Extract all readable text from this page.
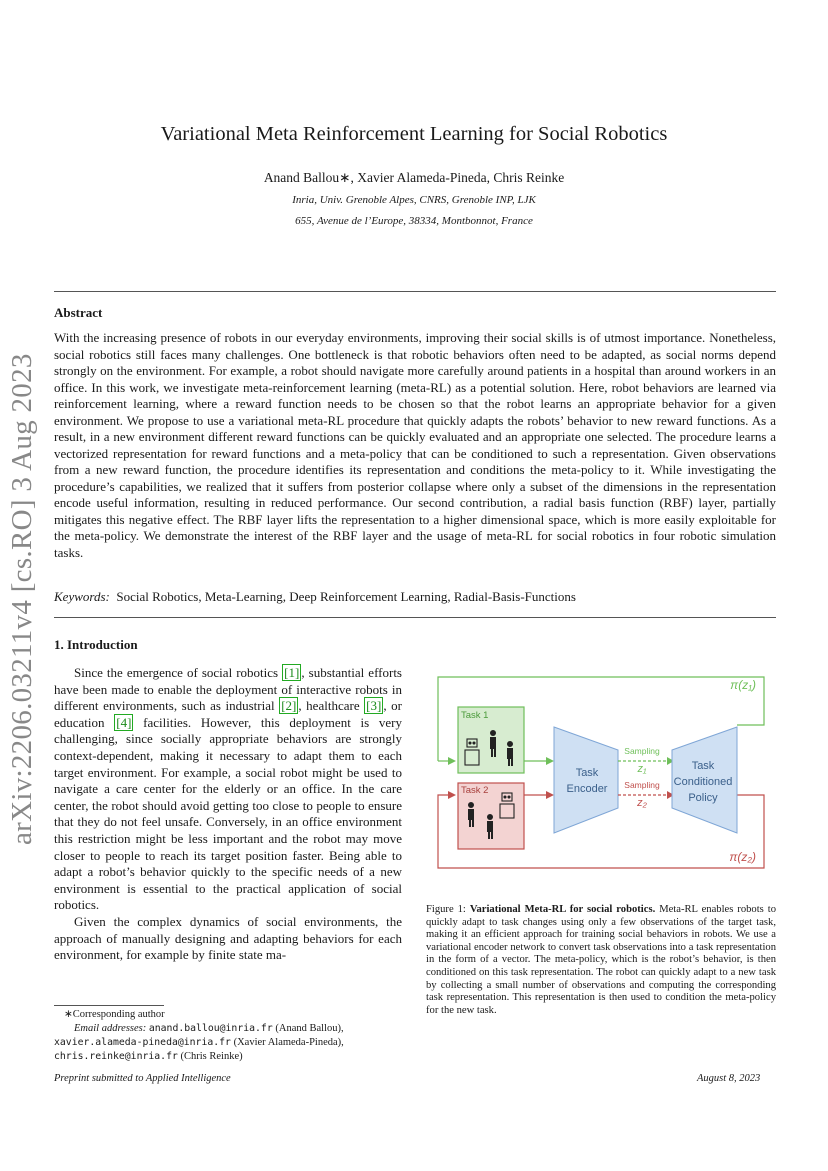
arXiv:2206.03211v4 [cs.RO] 3 Aug 2023
Variational Meta Reinforcement Learning for Social Robotics
Anand Ballou∗, Xavier Alameda-Pineda, Chris Reinke
Inria, Univ. Grenoble Alpes, CNRS, Grenoble INP, LJK
655, Avenue de l’Europe, 38334, Montbonnot, France
Abstract
With the increasing presence of robots in our everyday environments, improving their social skills is of utmost importance. Nonetheless, social robotics still faces many challenges. One bottleneck is that robotic behaviors often need to be adapted, as social norms depend strongly on the environment. For example, a robot should navigate more carefully around patients in a hospital than around workers in an office. In this work, we investigate meta-reinforcement learning (meta-RL) as a potential solution. Here, robot behaviors are learned via reinforcement learning, where a reward function needs to be chosen so that the robot learns an appropriate behavior for a given environment. We propose to use a variational meta-RL procedure that quickly adapts the robots’ behavior to new reward functions. As a result, in a new environment different reward functions can be quickly evaluated and an appropriate one selected. The procedure learns a vectorized representation for reward functions and a meta-policy that can be conditioned to such a representation. Given observations from a new reward function, the procedure identifies its representation and conditions the meta-policy to it. While investigating the procedure’s capabilities, we realized that it suffers from posterior collapse where only a subset of the dimensions in the representation encode useful information, resulting in reduced performance. Our second contribution, a radial basis function (RBF) layer, partially mitigates this negative effect. The RBF layer lifts the representation to a higher dimensional space, which is more easily exploitable for the meta-policy. We demonstrate the interest of the RBF layer and the usage of meta-RL for social robotics in four robotic simulation tasks.
Keywords: Social Robotics, Meta-Learning, Deep Reinforcement Learning, Radial-Basis-Functions
1. Introduction

Since the emergence of social robotics [1] , substantial efforts have been made to enable the deployment of interactive robots in different environments, such as industrial [2] , healthcare [3] , or education [4] facilities. However, this deployment is very challenging, since socially appropriate behaviors are strongly context-dependent, making it necessary to adapt them to each target environment. For example, a social robot might be used to navigate a care center for the elderly or an office. In the care center, the robot should avoid getting too close to people to ensure that they do not feel unsafe. Conversely, in an office environment this restriction might be less important and the robot may move closer to people to reach its target position faster. Being able to adapt a robot’s behavior quickly to the specific needs of a new environment is essential to the practical application of social robotics.

Given the complex dynamics of social environments, the approach of manually designing and adapting behaviors for each environment, for example by finite state ma-

∗Corresponding author
Email addresses: anand.ballou@inria.fr (Anand Ballou),
xavier.alameda-pineda@inria.fr (Xavier Alameda-Pineda),
chris.reinke@inria.fr (Chris Reinke)
Preprint submitted to Applied Intelligence	August 8, 2023
Task 1
Task 2
Task
Encoder
Sampling
z₁
Sampling
z₂
Task
Conditioned
Policy
π(z₁)
π(z₂)
Figure 1: Variational Meta-RL for social robotics. Meta-RL enables robots to quickly adapt to task changes using only a few observations of the target task, making it an efficient approach for training social behaviors in robots. We use a variational encoder network to convert task observations into a task representation in the form of a vector. The meta-policy, which is the robot’s behavior, is then conditioned on this task representation. The robot can quickly adapt to a new task by collecting a small number of observations and computing the corresponding task representation. This representation is then used to condition the meta-policy for the new task.
